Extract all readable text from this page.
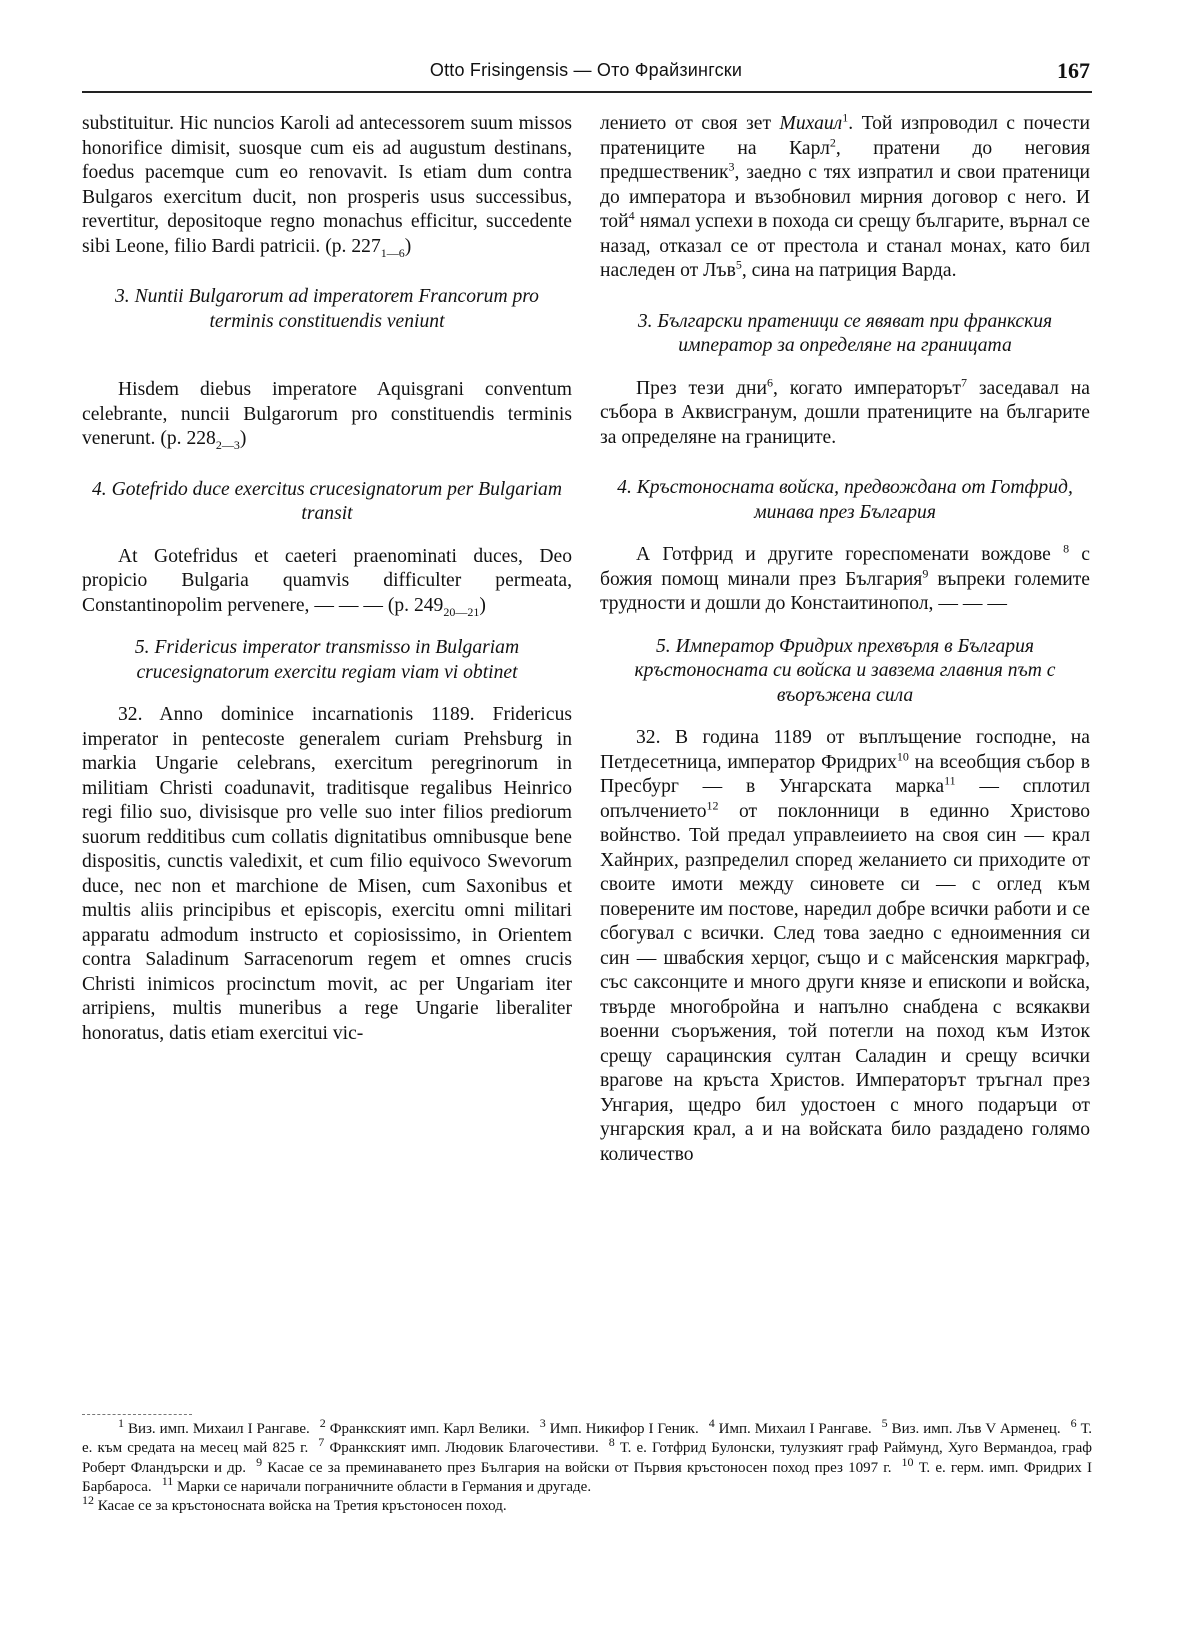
Otto Frisingensis — Ото Фрайзингски	167

substituitur. Hic nuncios Karoli ad antecessorem suum missos honorifice dimisit, suosque cum eis ad augustum destinans, foedus pacemque cum eo renovavit. Is etiam dum contra Bulgaros exercitum ducit, non prosperis usus successibus, revertitur, depositoque regno monachus efficitur, succedente sibi Leone, filio Bardi patricii. (p. $227_{1—6}$)

3. Nuntii Bulgarorum ad imperatorem Francorum pro terminis constituendis veniunt

Hisdem diebus imperatore Aquisgrani conventum celebrante, nuncii Bulgarorum pro constituendis terminis venerunt. (p. $228_{2—3}$)

4. Gotefrido duce exercitus crucesignatorum per Bulgariam transit

At Gotefridus et caeteri praenominati duces, Deo propicio Bulgaria quamvis difficulter permeata, Constantinopolim pervenere, — — — (p. $249_{20—21}$)

5. Fridericus imperator transmisso in Bulgariam crucesignatorum exercitu regiam viam vi obtinet

32. Anno dominice incarnationis 1189. Fridericus imperator in pentecoste generalem curiam Prehsburg in markia Ungarie celebrans, exercitum peregrinorum in militiam Christi coadunavit, traditisque regalibus Heinrico regi filio suo, divisisque pro velle suo inter filios prediorum suorum redditibus cum collatis dignitatibus omnibusque bene dispositis, cunctis valedixit, et cum filio equivoco Swevorum duce, nec non et marchione de Misen, cum Saxonibus et multis aliis principibus et episcopis, exercitu omni militari apparatu admodum instructo et copiosissimo, in Orientem contra Saladinum Sarracenorum regem et omnes crucis Christi inimicos procinctum movit, ac per Ungariam iter arripiens, multis muneribus a rege Ungarie liberaliter honoratus, datis etiam exercitui vic-

лението от своя зет Михаил$^1$. Той изпроводил с почести пратениците на Карл$^2$, пратени до неговия предшественик$^3$, заедно с тях изпратил и свои пратеници до императора и възобновил мирния договор с него. И той$^4$ нямал успехи в похода си срещу българите, върнал се назад, отказал се от престола и станал монах, като бил наследен от Лъв$^5$, сина на патриция Варда.

3. Български пратеници се явяват при франкския император за определяне на границата

През тези дни$^6$, когато императорът$^7$ заседавал на събора в Аквисгранум, дошли пратениците на българите за определяне на границите.

4. Кръстоносната войска, предвождана от Готфрид, минава през България

А Готфрид и другите гореспоменати вождове $^8$ с божия помощ минали през България$^9$ въпреки големите трудности и дошли до Констаитинопол, — — —

5. Император Фридрих прехвърля в България кръстоносната си войска и завзема главния път с въоръжена сила

32. В година 1189 от въплъщение господне, на Петдесетница, император Фридрих$^{10}$ на всеобщия събор в Пресбург — в Унгарската марка$^{11}$ — сплотил опълчението$^{12}$ от поклонници в единно Христово войнство. Той предал управлеиието на своя син — крал Хайнрих, разпределил според желанието си приходите от своите имоти между синовете си — с оглед към поверените им постове, наредил добре всички работи и се сбогувал с всички. След това заедно с едноименния си син — швабския херцог, също и с майсенския маркграф, със саксонците и много други князе и епископи и войска, твърде многобройна и напълно снабдена с всякакви военни съоръжения, той потегли на поход към Изток срещу сарацинския султан Саладин и срещу всички врагове на кръста Христов. Императорът тръгнал през Унгария, щедро бил удостоен с много подаръци от унгарския крал, а и на войската било раздадено голямо количество

$^1$ Виз. имп. Михаил I Рангаве. $^2$ Франкският имп. Карл Велики. $^3$ Имп. Никифор I Геник. $^4$ Имп. Михаил I Рангаве. $^5$ Виз. имп. Лъв V Арменец. $^6$ Т. е. към средата на месец май 825 г. $^7$ Франкският имп. Людовик Благочестиви. $^8$ Т. е. Готфрид Булонски, тулузкият граф Раймунд, Хуго Вермандоа, граф Роберт Фландърски и др. $^9$ Касае се за преминаването през България на войски от Първия кръстоносен поход през 1097 г. $^{10}$ Т. е. герм. имп. Фридрих I Барбароса. $^{11}$ Марки се наричали пограничните области в Германия и другаде.
$^{12}$ Касае се за кръстоносната войска на Третия кръстоносен поход.
